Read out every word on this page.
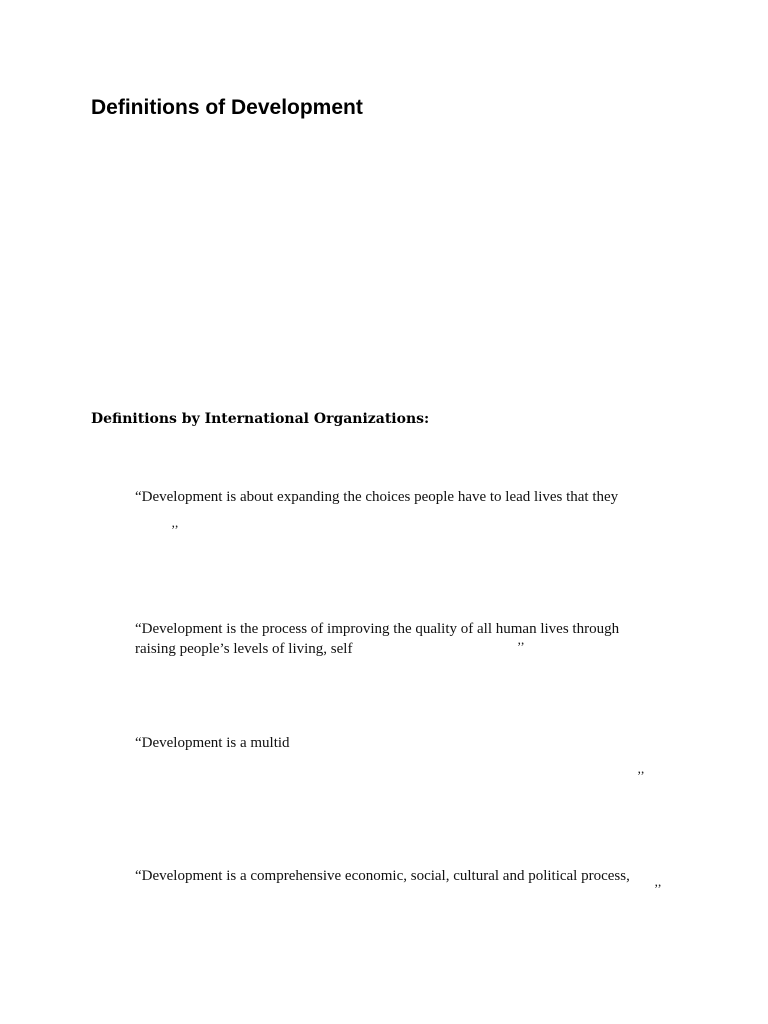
Definitions of Development
Definitions by International Organizations:
“Development is about expanding the choices people have to lead lives that they
’’
“Development is the process of improving the quality of all human lives through
raising people’s levels of living, self	’’
“Development is a multid
’’
“Development is a comprehensive economic, social, cultural and political process,
’’
